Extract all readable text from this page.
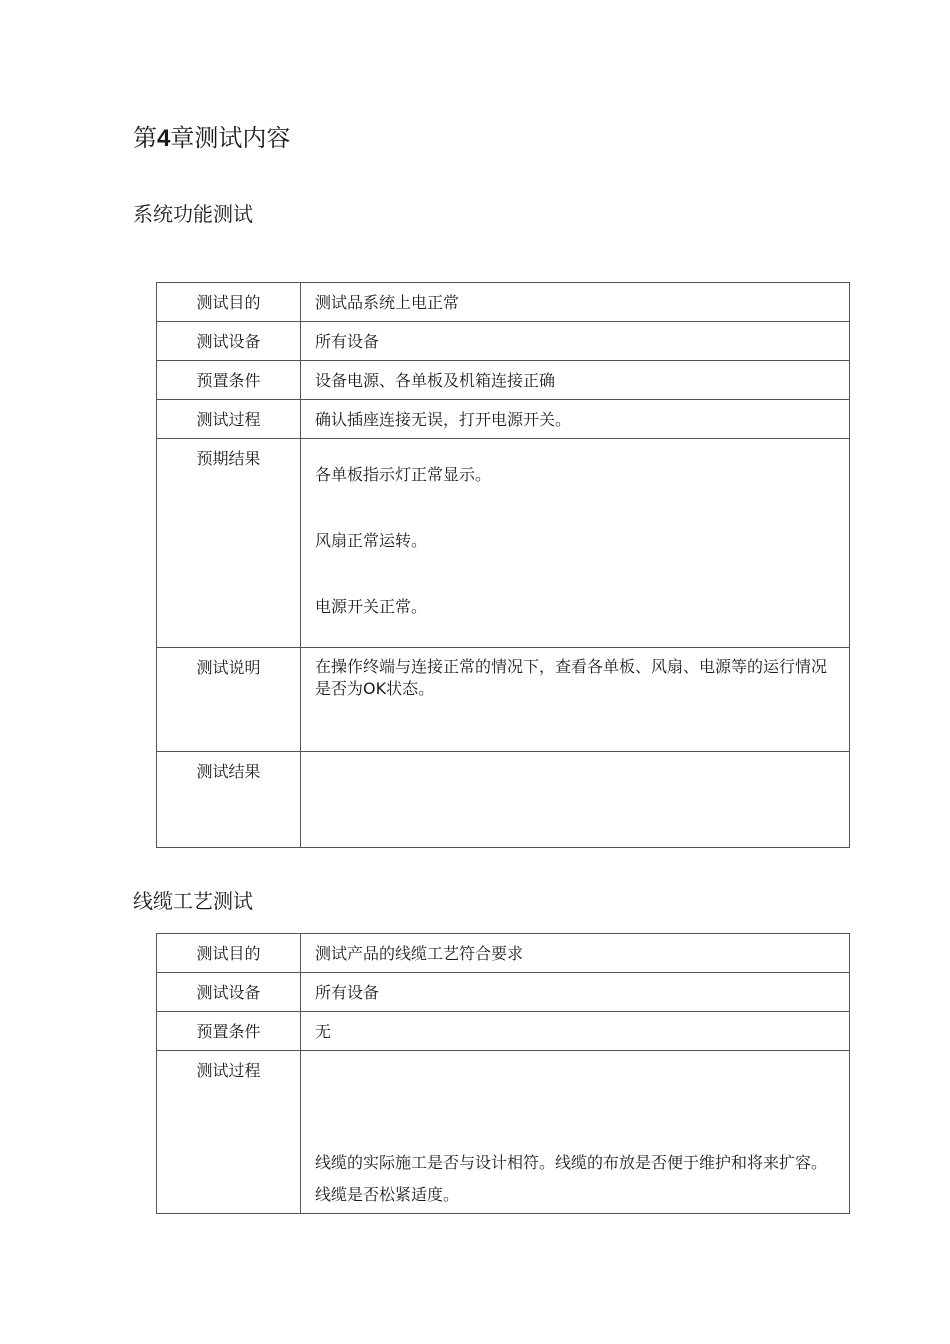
第4章测试内容
系统功能测试
测试目的	测试品系统上电正常
测试设备	所有设备
预置条件	设备电源、各单板及机箱连接正确
测试过程	确认插座连接无误，打开电源开关。
预期结果	各单板指示灯正常显示。

风扇正常运转。

电源开关正常。

测试说明	在操作终端与连接正常的情况下，查看各单板、风扇、电源等的运行情况是否为OK状态。
测试结果	
线缆工艺测试
测试目的	测试产品的线缆工艺符合要求
测试设备	所有设备
预置条件	无
测试过程	线缆的实际施工是否与设计相符。线缆的布放是否便于维护和将来扩容。线缆是否松紧适度。
